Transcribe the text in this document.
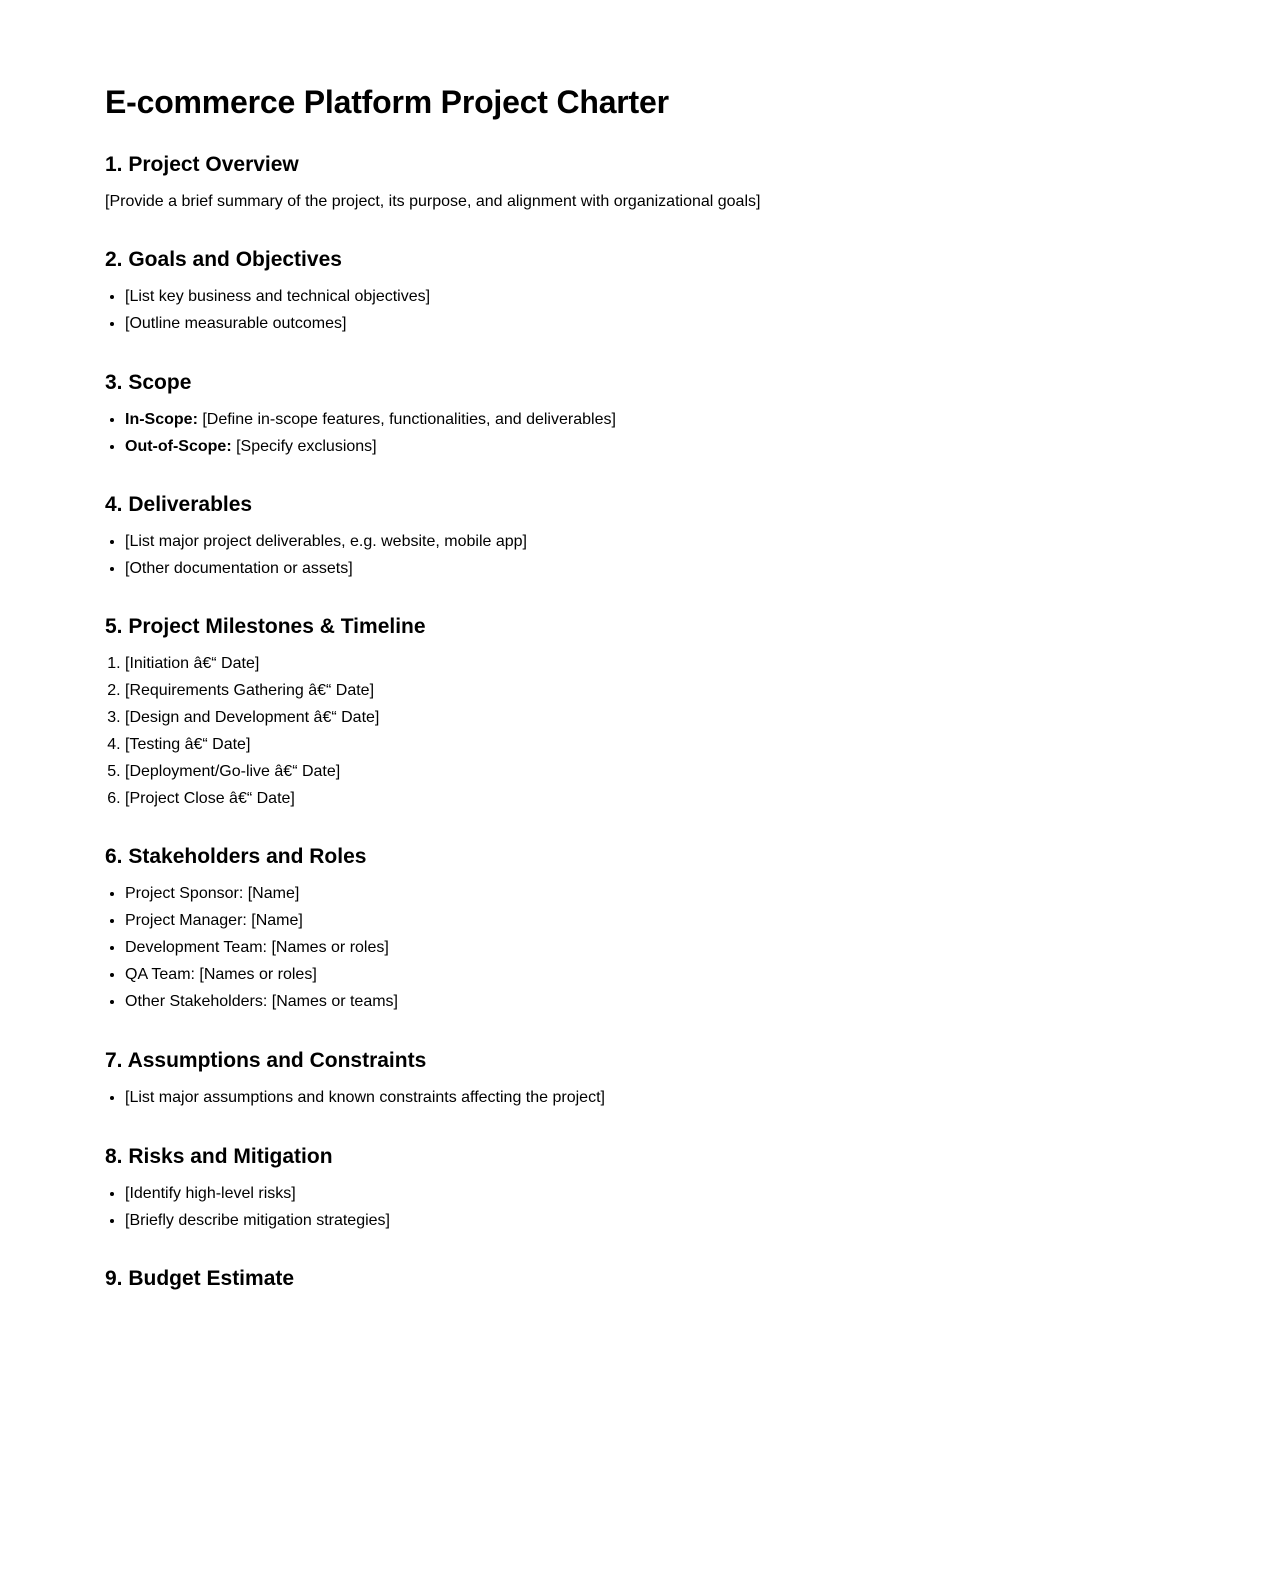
E-commerce Platform Project Charter
1. Project Overview

[Provide a brief summary of the project, its purpose, and alignment with organizational goals]

2. Goals and Objectives
• [List key business and technical objectives]
• [Outline measurable outcomes]
3. Scope
• In-Scope: [Define in-scope features, functionalities, and deliverables]
• Out-of-Scope: [Specify exclusions]
4. Deliverables
• [List major project deliverables, e.g. website, mobile app]
• [Other documentation or assets]
5. Project Milestones & Timeline
1. [Initiation â€“ Date]
2. [Requirements Gathering â€“ Date]
3. [Design and Development â€“ Date]
4. [Testing â€“ Date]
5. [Deployment/Go-live â€“ Date]
6. [Project Close â€“ Date]
6. Stakeholders and Roles
• Project Sponsor: [Name]
• Project Manager: [Name]
• Development Team: [Names or roles]
• QA Team: [Names or roles]
• Other Stakeholders: [Names or teams]
7. Assumptions and Constraints
• [List major assumptions and known constraints affecting the project]
8. Risks and Mitigation
• [Identify high-level risks]
• [Briefly describe mitigation strategies]
9. Budget Estimate
